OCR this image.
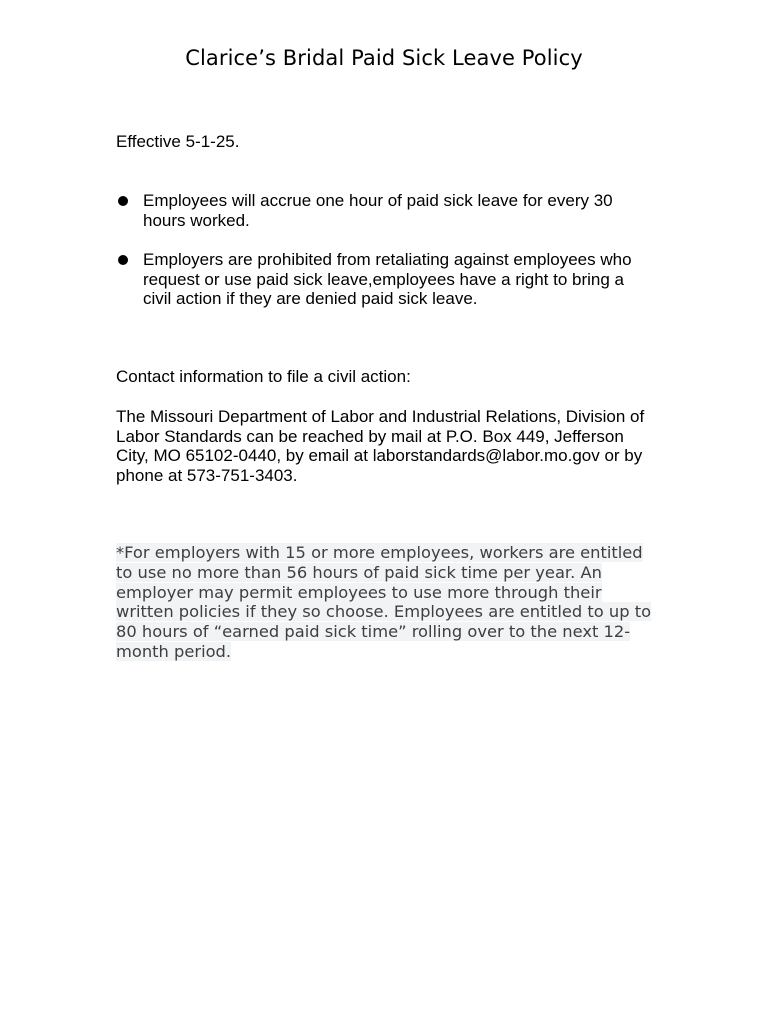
Clarice’s Bridal Paid Sick Leave Policy

Effective 5-1-25.

Employees will accrue one hour of paid sick leave for every 30 hours worked.
Employers are prohibited from retaliating against employees who request or use paid sick leave,employees have a right to bring a civil action if they are denied paid sick leave.

Contact information to file a civil action:

The Missouri Department of Labor and Industrial Relations, Division of Labor Standards can be reached by mail at P.O. Box 449, Jefferson City, MO 65102-0440, by email at laborstandards@labor.mo.gov or by phone at 573-751-3403.

*For employers with 15 or more employees, workers are entitled to use no more than 56 hours of paid sick time per year. An employer may permit employees to use more through their written policies if they so choose. Employees are entitled to up to 80 hours of “earned paid sick time” rolling over to the next 12-month period.
